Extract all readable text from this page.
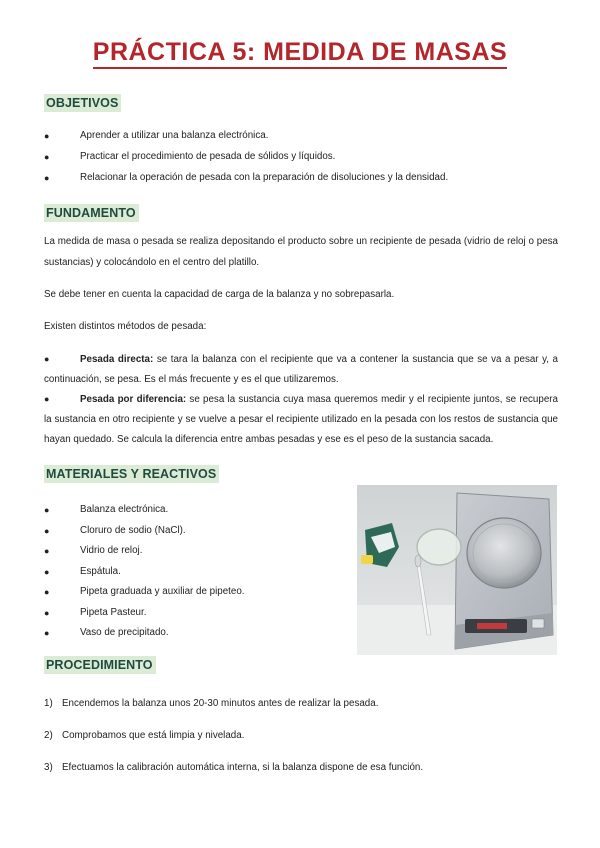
PRÁCTICA 5: MEDIDA DE MASAS
OBJETIVOS
●	Aprender a utilizar una balanza electrónica.
●	Practicar el procedimiento de pesada de sólidos y líquidos.
●	Relacionar la operación de pesada con la preparación de disoluciones y la densidad.
FUNDAMENTO

La medida de masa o pesada se realiza depositando el producto sobre un recipiente de pesada (vidrio de reloj o pesa sustancias) y colocándolo en el centro del platillo.

Se debe tener en cuenta la capacidad de carga de la balanza y no sobrepasarla.

Existen distintos métodos de pesada:

●	Pesada directa: se tara la balanza con el recipiente que va a contener la sustancia que se va a pesar y, a continuación, se pesa. Es el más frecuente y es el que utilizaremos.

●	Pesada por diferencia: se pesa la sustancia cuya masa queremos medir y el recipiente juntos, se recupera la sustancia en otro recipiente y se vuelve a pesar el recipiente utilizado en la pesada con los restos de sustancia que hayan quedado. Se calcula la diferencia entre ambas pesadas y ese es el peso de la sustancia sacada.

MATERIALES Y REACTIVOS
●	Balanza electrónica.
●	Cloruro de sodio (NaCl).
●	Vidrio de reloj.
●	Espátula.
●	Pipeta graduada y auxiliar de pipeteo.
●	Pipeta Pasteur.
●	Vaso de precipitado.
PROCEDIMIENTO
1) Encendemos la balanza unos 20-30 minutos antes de realizar la pesada.
2) Comprobamos que está limpia y nivelada.
3) Efectuamos la calibración automática interna, si la balanza dispone de esa función.
